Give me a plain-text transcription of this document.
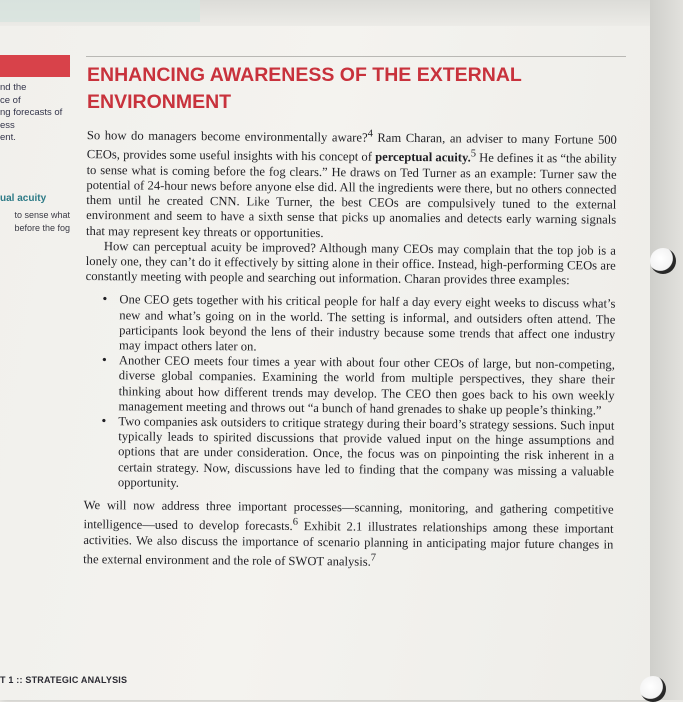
nd the
ce of
ng forecasts of
ess
ent.
ual acuity
to sense what
before the fog
ENHANCING AWARENESS OF THE EXTERNAL
ENVIRONMENT

So how do managers become environmentally aware?$^4$ Ram Charan, an adviser to many Fortune 500 CEOs, provides some useful insights with his concept of perceptual acuity.$^5$ He defines it as “the ability to sense what is coming before the fog clears.” He draws on Ted Turner as an example: Turner saw the potential of 24-hour news before anyone else did. All the ingredients were there, but no others connected them until he created CNN. Like Turner, the best CEOs are compulsively tuned to the external environment and seem to have a sixth sense that picks up anomalies and detects early warning signals that may represent key threats or opportunities.

How can perceptual acuity be improved? Although many CEOs may complain that the top job is a lonely one, they can’t do it effectively by sitting alone in their office. Instead, high-performing CEOs are constantly meeting with people and searching out information. Charan provides three examples:

• One CEO gets together with his critical people for half a day every eight weeks to discuss what’s new and what’s going on in the world. The setting is informal, and outsiders often attend. The participants look beyond the lens of their industry because some trends that affect one industry may impact others later on.
• Another CEO meets four times a year with about four other CEOs of large, but non-competing, diverse global companies. Examining the world from multiple perspectives, they share their thinking about how different trends may develop. The CEO then goes back to his own weekly management meeting and throws out “a bunch of hand grenades to shake up people’s thinking.”
• Two companies ask outsiders to critique strategy during their board’s strategy sessions. Such input typically leads to spirited discussions that provide valued input on the hinge assumptions and options that are under consideration. Once, the focus was on pinpointing the risk inherent in a certain strategy. Now, discussions have led to finding that the company was missing a valuable opportunity.

We will now address three important processes—scanning, monitoring, and gathering competitive intelligence—used to develop forecasts.$^6$ Exhibit 2.1 illustrates relationships among these important activities. We also discuss the importance of scenario planning in anticipating major future changes in the external environment and the role of SWOT analysis.$^7$

T 1 :: STRATEGIC ANALYSIS
